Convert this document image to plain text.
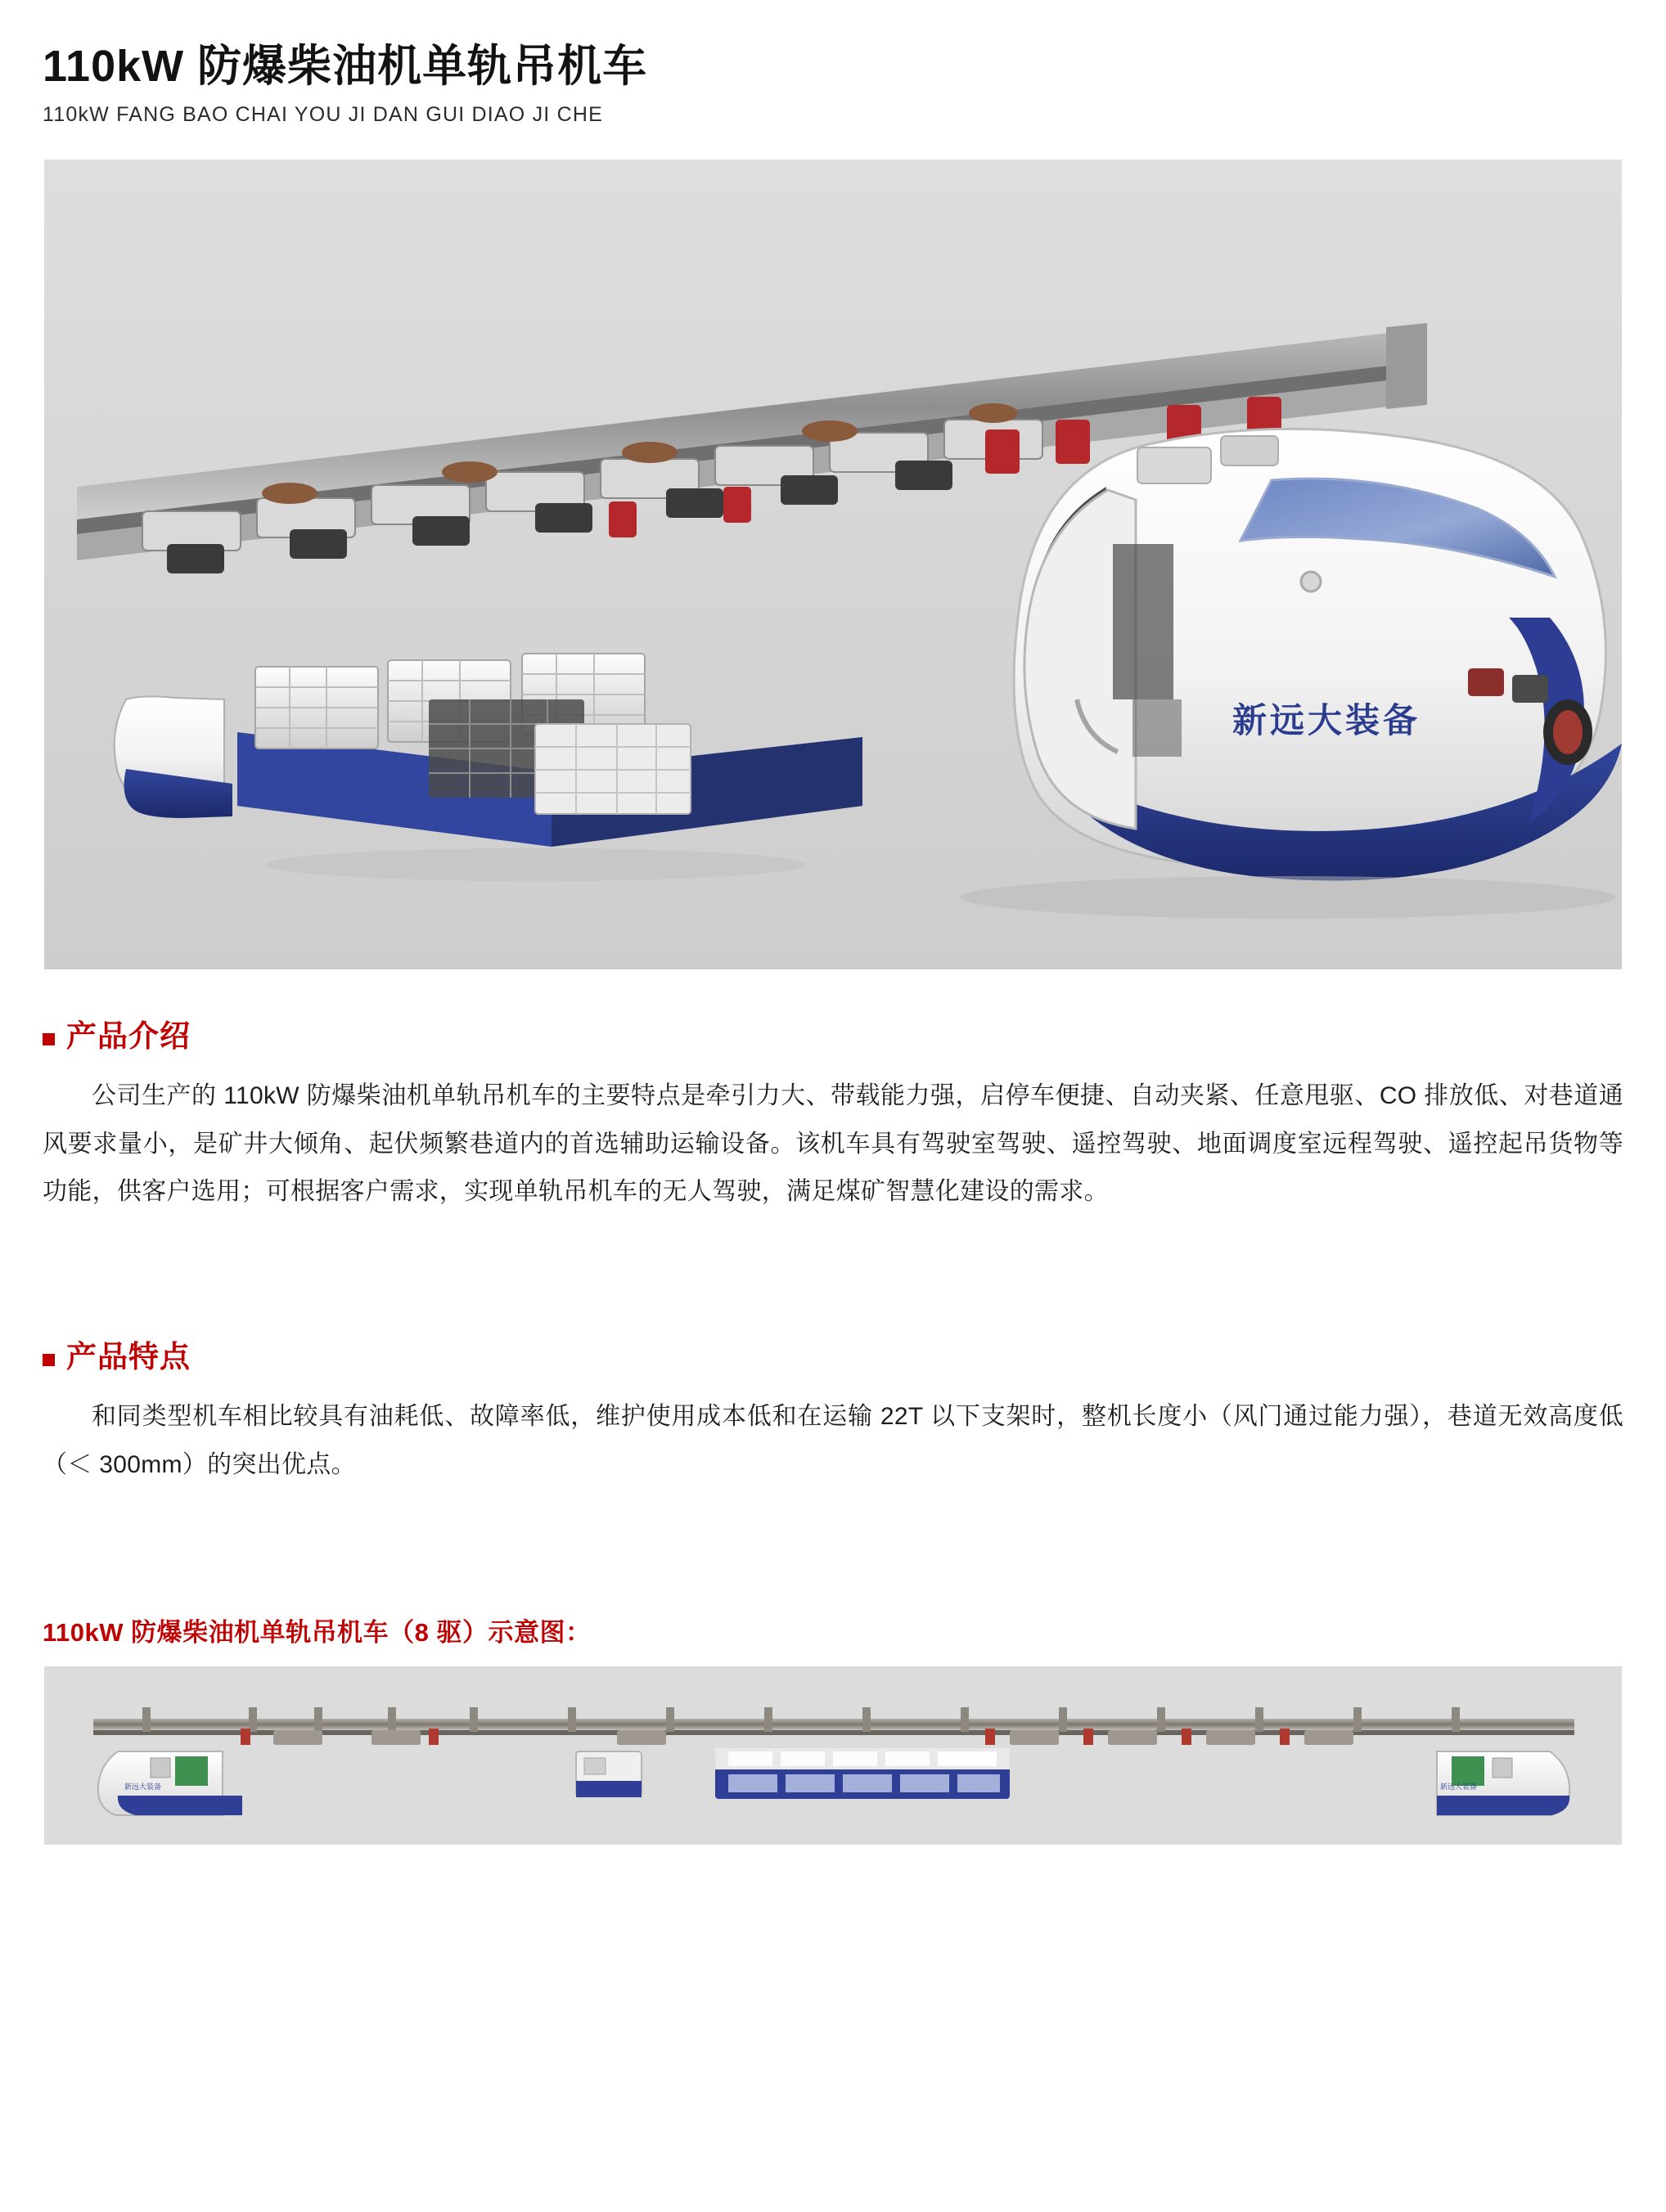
110kW 防爆柴油机单轨吊机车
110kW FANG BAO CHAI YOU JI DAN GUI DIAO JI CHE
新远大装备
产品介绍

公司生产的 110kW 防爆柴油机单轨吊机车的主要特点是牵引力大、带载能力强，启停车便捷、自动夹紧、任意甩驱、CO 排放低、对巷道通风要求量小，是矿井大倾角、起伏频繁巷道内的首选辅助运输设备。该机车具有驾驶室驾驶、遥控驾驶、地面调度室远程驾驶、遥控起吊货物等功能，供客户选用；可根据客户需求，实现单轨吊机车的无人驾驶，满足煤矿智慧化建设的需求。

产品特点

和同类型机车相比较具有油耗低、故障率低，维护使用成本低和在运输 22T 以下支架时，整机长度小（风门通过能力强），巷道无效高度低（＜ 300mm）的突出优点。

110kW 防爆柴油机单轨吊机车（8 驱）示意图：
新远大装备	新远大装备
